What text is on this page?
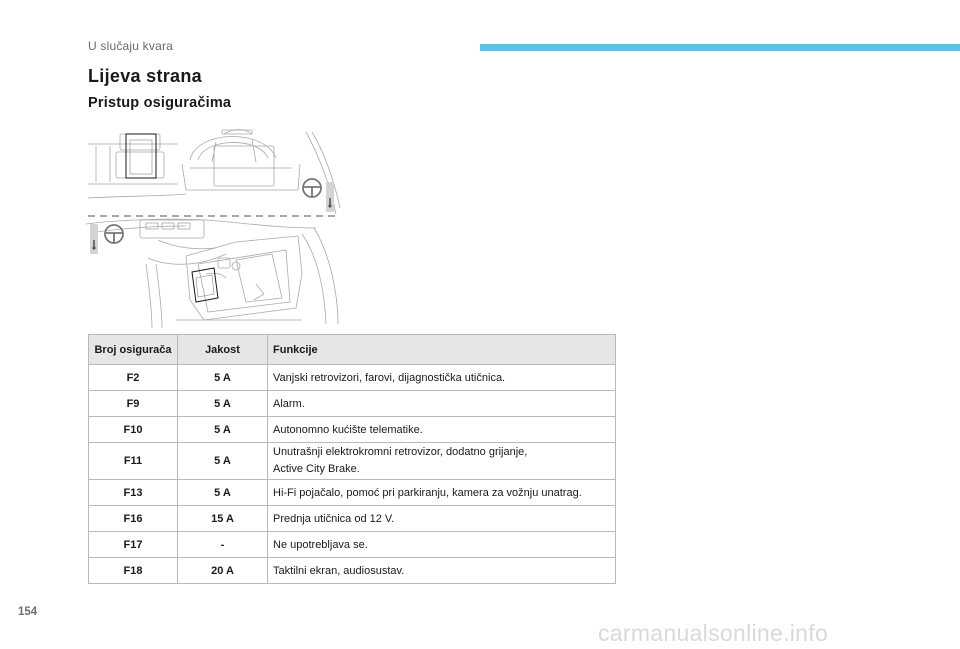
U slučaju kvara
Lijeva strana
Pristup osiguračima
Broj osigurača	Jakost	Funkcije
F2	5 A	Vanjski retrovizori, farovi, dijagnostička utičnica.
F9	5 A	Alarm.
F10	5 A	Autonomno kućište telematike.
F11	5 A	Unutrašnji elektrokromni retrovizor, dodatno grijanje,
Active City Brake.
F13	5 A	Hi-Fi pojačalo, pomoć pri parkiranju, kamera za vožnju unatrag.
F16	15 A	Prednja utičnica od 12 V.
F17	-	Ne upotrebljava se.
F18	20 A	Taktilni ekran, audiosustav.
154
carmanualsonline.info
